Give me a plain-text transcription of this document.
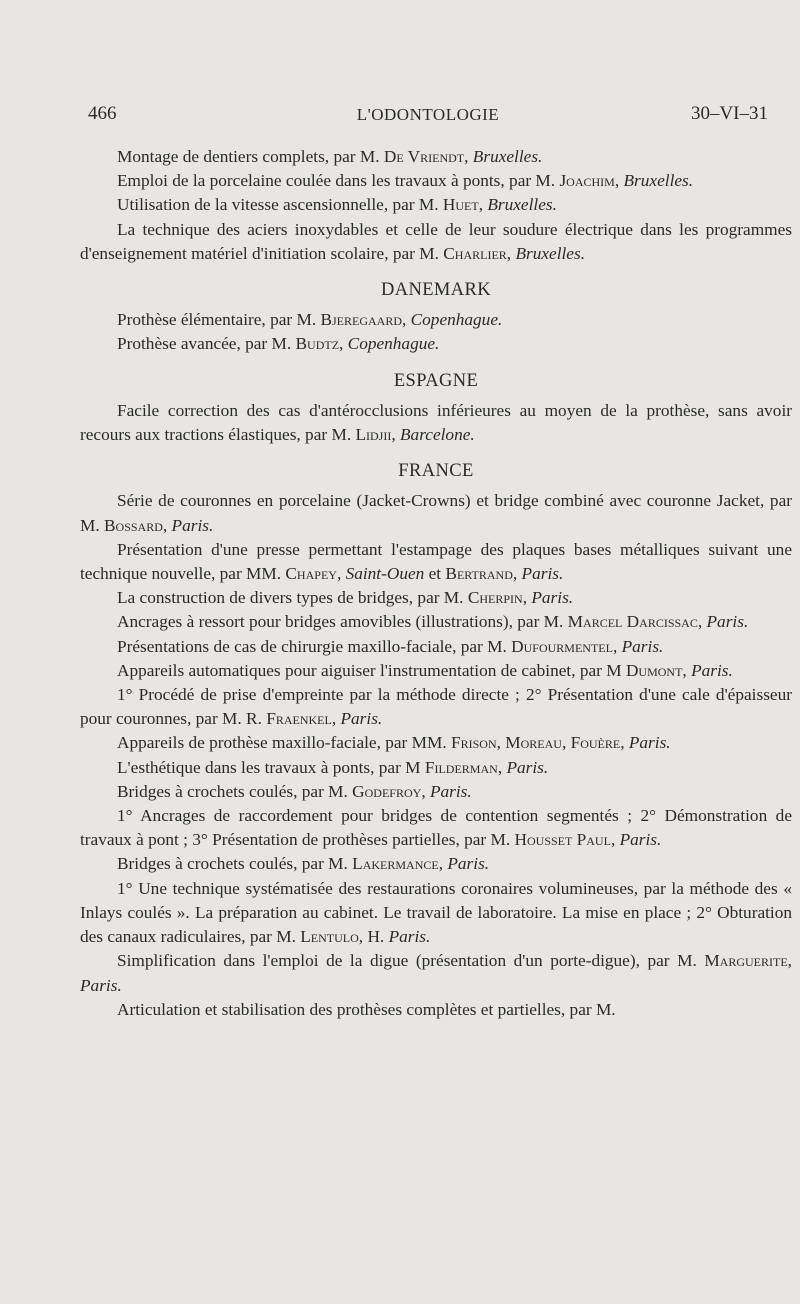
466	L'ODONTOLOGIE	30–VI–31

Montage de dentiers complets, par M. De Vriendt, Bruxelles.

Emploi de la porcelaine coulée dans les travaux à ponts, par M. Joachim, Bruxelles.

Utilisation de la vitesse ascensionnelle, par M. Huet, Bruxelles.

La technique des aciers inoxydables et celle de leur soudure électrique dans les programmes d'enseignement matériel d'initiation scolaire, par M. Charlier, Bruxelles.

DANEMARK

Prothèse élémentaire, par M. Bjeregaard, Copenhague.

Prothèse avancée, par M. Budtz, Copenhague.

ESPAGNE

Facile correction des cas d'antérocclusions inférieures au moyen de la prothèse, sans avoir recours aux tractions élastiques, par M. Lidjii, Barcelone.

FRANCE

Série de couronnes en porcelaine (Jacket-Crowns) et bridge combiné avec couronne Jacket, par M. Bossard, Paris.

Présentation d'une presse permettant l'estampage des plaques bases métalliques suivant une technique nouvelle, par MM. Chapey, Saint-Ouen et Bertrand, Paris.

La construction de divers types de bridges, par M. Cherpin, Paris.

Ancrages à ressort pour bridges amovibles (illustrations), par M. Marcel Darcissac, Paris.

Présentations de cas de chirurgie maxillo-faciale, par M. Dufourmentel, Paris.

Appareils automatiques pour aiguiser l'instrumentation de cabinet, par M Dumont, Paris.

1° Procédé de prise d'empreinte par la méthode directe ; 2° Présentation d'une cale d'épaisseur pour couronnes, par M. R. Fraenkel, Paris.

Appareils de prothèse maxillo-faciale, par MM. Frison, Moreau, Fouère, Paris.

L'esthétique dans les travaux à ponts, par M Filderman, Paris.

Bridges à crochets coulés, par M. Godefroy, Paris.

1° Ancrages de raccordement pour bridges de contention segmentés ; 2° Démonstration de travaux à pont ; 3° Présentation de prothèses partielles, par M. Housset Paul, Paris.

Bridges à crochets coulés, par M. Lakermance, Paris.

1° Une technique systématisée des restaurations coronaires volumineuses, par la méthode des « Inlays coulés ». La préparation au cabinet. Le travail de laboratoire. La mise en place ; 2° Obturation des canaux radiculaires, par M. Lentulo, H. Paris.

Simplification dans l'emploi de la digue (présentation d'un porte-digue), par M. Marguerite, Paris.

Articulation et stabilisation des prothèses complètes et partielles, par M.
